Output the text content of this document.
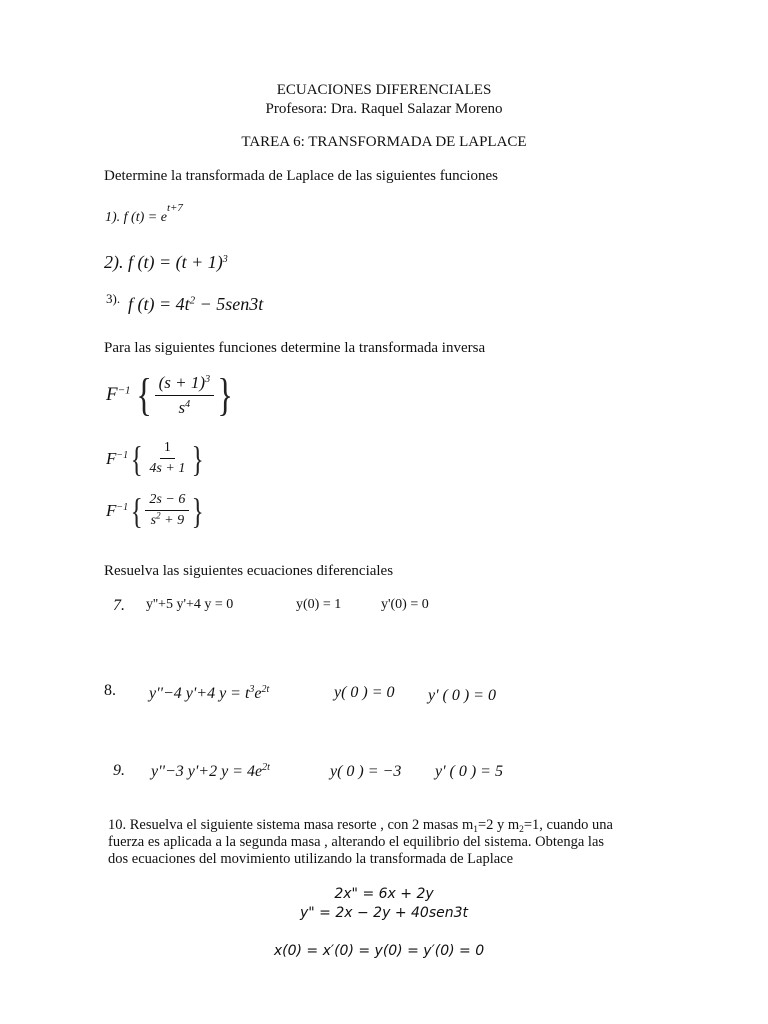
ECUACIONES DIFERENCIALES
Profesora: Dra. Raquel Salazar Moreno
TAREA 6: TRANSFORMADA DE LAPLACE
Determine la transformada de Laplace de las siguientes funciones
1). f $(t) = e^{t+7}$
2). f $(t) = (t + 1)^3$
3). f $(t) = 4t^2 - 5sen3t$
Para las siguientes funciones determine la transformada inversa
$F^{-1}$ { $\frac{(s + 1)^3}{s^4}$ }
$F^{-1}$ { $\frac{1}{4s + 1}$ }
$F^{-1}$ { $\frac{2s - 6}{s^2 + 9}$ }
Resuelva las siguientes ecuaciones diferenciales
7. y''+5 y'+4 y = 0	y(0) = 1	y'(0) = 0
8. y''−4 y'+4 $y = t^3e^{2t}$	y( 0 ) = 0 y' ( 0 ) = 0
9. y''−3 y'+2 $y = 4e^{2t}$	y( 0 ) = −3 y' ( 0 ) = 5
10. Resuelva el siguiente sistema masa resorte , con 2 masas $m_1=2$ y $m_2=1$, cuando una
fuerza es aplicada a la segunda masa , alterando el equilibrio del sistema. Obtenga las
dos ecuaciones del movimiento utilizando la transformada de Laplace
2x" = 6x + 2y
y" = 2x − 2y + 40sen3t
x(0) = x′(0) = y(0) = y′(0) = 0
